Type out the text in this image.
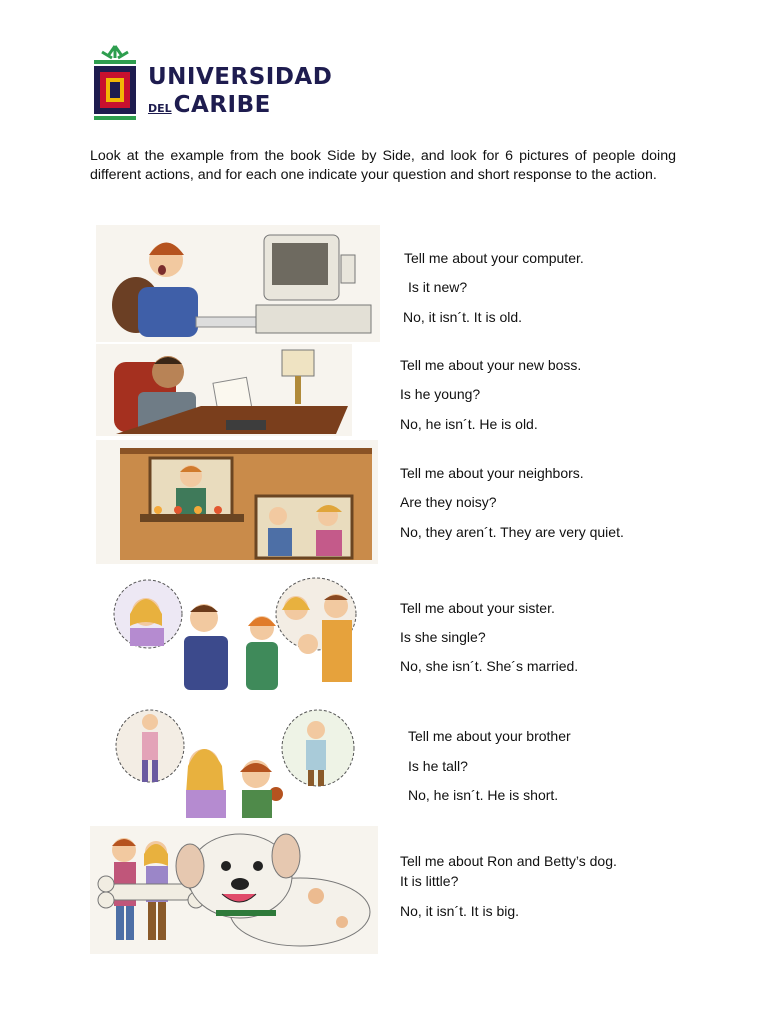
UNIVERSIDAD
DELCARIBE

Look at the example from the book Side by Side, and look for 6 pictures of people doing different actions, and for each one indicate your question and short response to the action.

Tell me about your computer.
Is it new?
No, it isn´t. It is old.
Tell me about your new boss.
Is he young?
No, he isn´t. He is old.
Tell me about your neighbors.
Are they noisy?
No, they aren´t. They are very quiet.
Tell me about your sister.
Is she single?
No, she isn´t. She´s married.
Tell me about your brother
Is he tall?
No, he isn´t. He is short.
Tell me about Ron and Betty’s dog.
It is little?
No, it isn´t. It is big.
